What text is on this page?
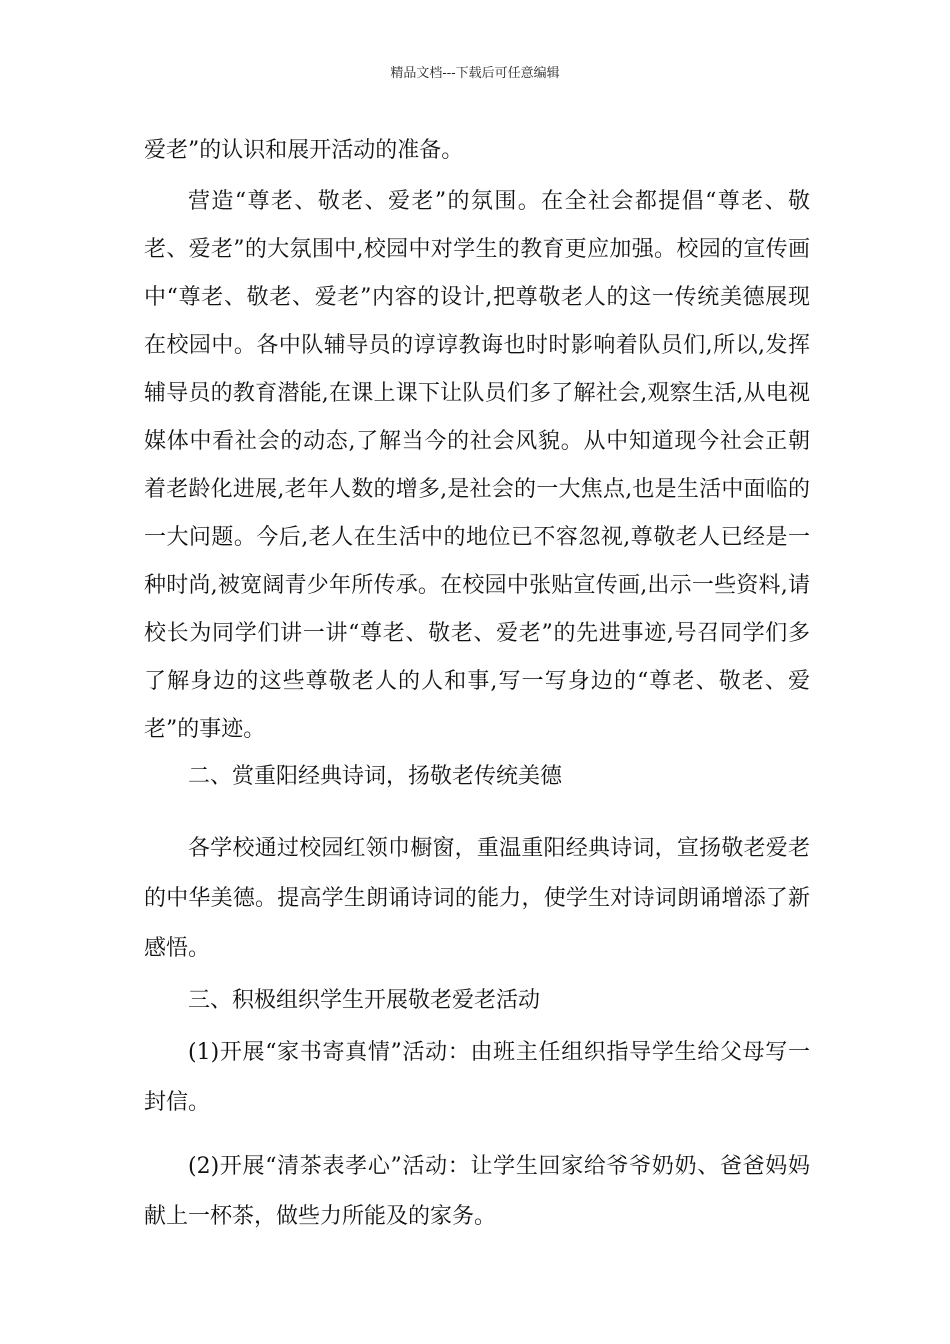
精品文档---下载后可任意编辑

爱老”的认识和展开活动的准备。

营造“尊老、敬老、爱老”的氛围。在全社会都提倡“尊老、敬老、爱老”的大氛围中,校园中对学生的教育更应加强。校园的宣传画中“尊老、敬老、爱老”内容的设计,把尊敬老人的这一传统美德展现在校园中。各中队辅导员的谆谆教诲也时时影响着队员们,所以,发挥辅导员的教育潜能,在课上课下让队员们多了解社会,观察生活,从电视媒体中看社会的动态,了解当今的社会风貌。从中知道现今社会正朝着老龄化进展,老年人数的增多,是社会的一大焦点,也是生活中面临的一大问题。今后,老人在生活中的地位已不容忽视,尊敬老人已经是一种时尚,被宽阔青少年所传承。在校园中张贴宣传画,出示一些资料,请校长为同学们讲一讲“尊老、敬老、爱老”的先进事迹,号召同学们多了解身边的这些尊敬老人的人和事,写一写身边的“尊老、敬老、爱老”的事迹。

二、赏重阳经典诗词，扬敬老传统美德

各学校通过校园红领巾橱窗，重温重阳经典诗词，宣扬敬老爱老的中华美德。提高学生朗诵诗词的能力，使学生对诗词朗诵增添了新感悟。

三、积极组织学生开展敬老爱老活动

(1)开展“家书寄真情”活动：由班主任组织指导学生给父母写一封信。

(2)开展“清茶表孝心”活动：让学生回家给爷爷奶奶、爸爸妈妈献上一杯茶，做些力所能及的家务。
